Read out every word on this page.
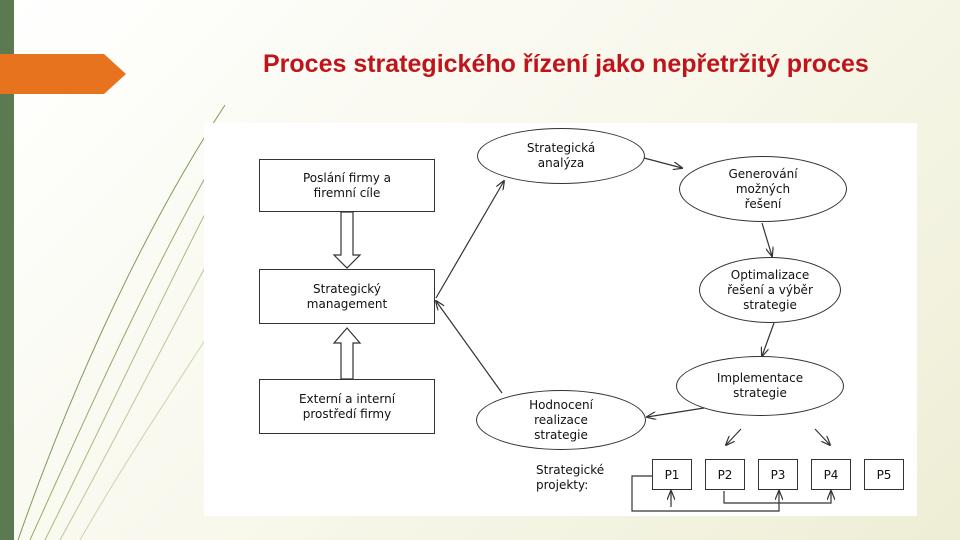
Proces strategického řízení jako nepřetržitý proces
Poslání firmy a
firemní cíle
Strategický
management
Externí a interní
prostředí firmy
Strategická
analýza
Generování
možných
řešení
Optimalizace
řešení a výběr
strategie
Implementace
strategie
Hodnocení
realizace
strategie
Strategické
projekty:
P1	P2	P3	P4	P5
